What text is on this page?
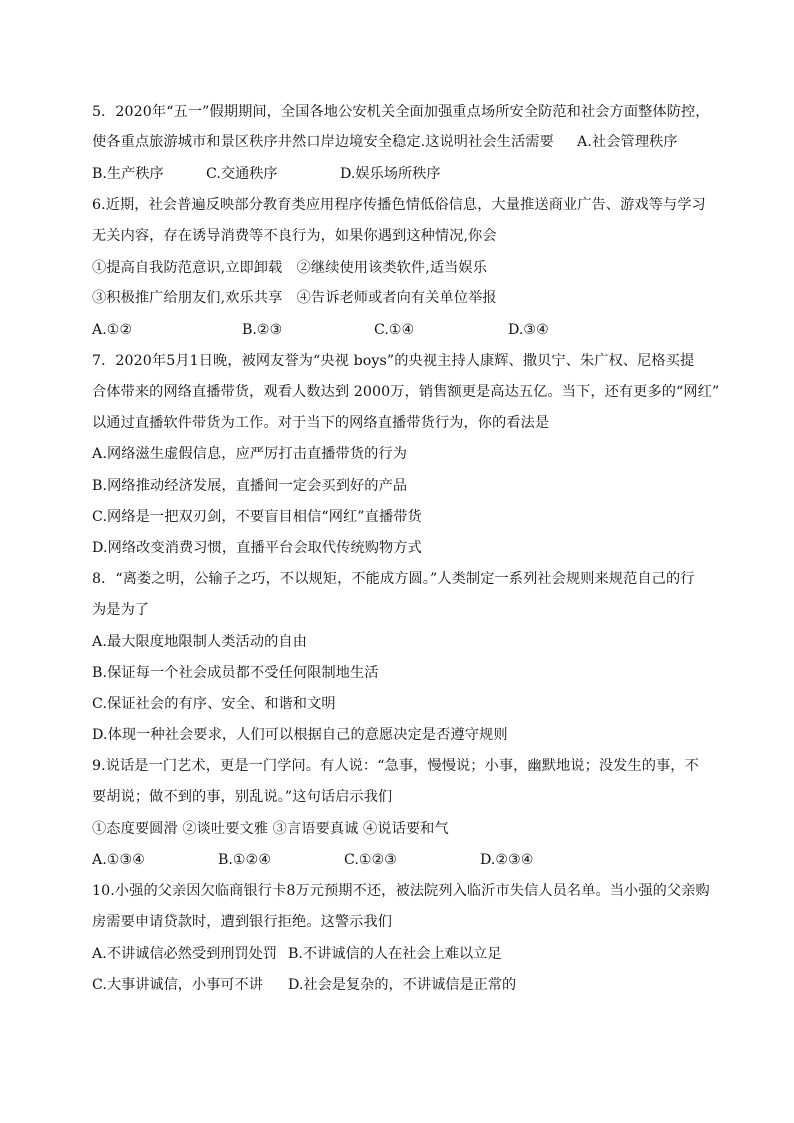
5．2020年“五一”假期期间，全国各地公安机关全面加强重点场所安全防范和社会方面整体防控，
使各重点旅游城市和景区秩序井然口岸边境安全稳定.这说明社会生活需要 A.社会管理秩序
B.生产秩序	C.交通秩序	D.娱乐场所秩序
6.近期，社会普遍反映部分教育类应用程序传播色情低俗信息，大量推送商业广告、游戏等与学习
无关内容，存在诱导消费等不良行为，如果你遇到这种情况,你会
①提高自我防范意识,立即卸载　②继续使用该类软件,适当娱乐
③积极推广给朋友们,欢乐共享　④告诉老师或者向有关单位举报
A.①②	B.②③	C.①④	D.③④
7．2020年5月1日晚，被网友誉为“央视 boys”的央视主持人康辉、撒贝宁、朱广权、尼格买提
合体带来的网络直播带货，观看人数达到 2000万，销售额更是高达五亿。当下，还有更多的“网红”
以通过直播软件带货为工作。对于当下的网络直播带货行为，你的看法是
A.网络滋生虚假信息，应严厉打击直播带货的行为
B.网络推动经济发展，直播间一定会买到好的产品
C.网络是一把双刃剑，不要盲目相信“网红”直播带货
D.网络改变消费习惯，直播平台会取代传统购物方式
8．“离娄之明，公输子之巧，不以规矩，不能成方圆。”人类制定一系列社会规则来规范自己的行
为是为了
A.最大限度地限制人类活动的自由
B.保证每一个社会成员都不受任何限制地生活
C.保证社会的有序、安全、和谐和文明
D.体现一种社会要求，人们可以根据自己的意愿决定是否遵守规则
9.说话是一门艺术，更是一门学问。有人说：“急事，慢慢说；小事，幽默地说；没发生的事，不
要胡说；做不到的事，别乱说。”这句话启示我们
①态度要圆滑 ②谈吐要文雅 ③言语要真诚 ④说话要和气
A.①③④	B.①②④	C.①②③	D.②③④
10.小强的父亲因欠临商银行卡8万元预期不还，被法院列入临沂市失信人员名单。当小强的父亲购
房需要申请贷款时，遭到银行拒绝。这警示我们
A.不讲诚信必然受到刑罚处罚 B.不讲诚信的人在社会上难以立足
C.大事讲诚信，小事可不讲 D.社会是复杂的，不讲诚信是正常的
